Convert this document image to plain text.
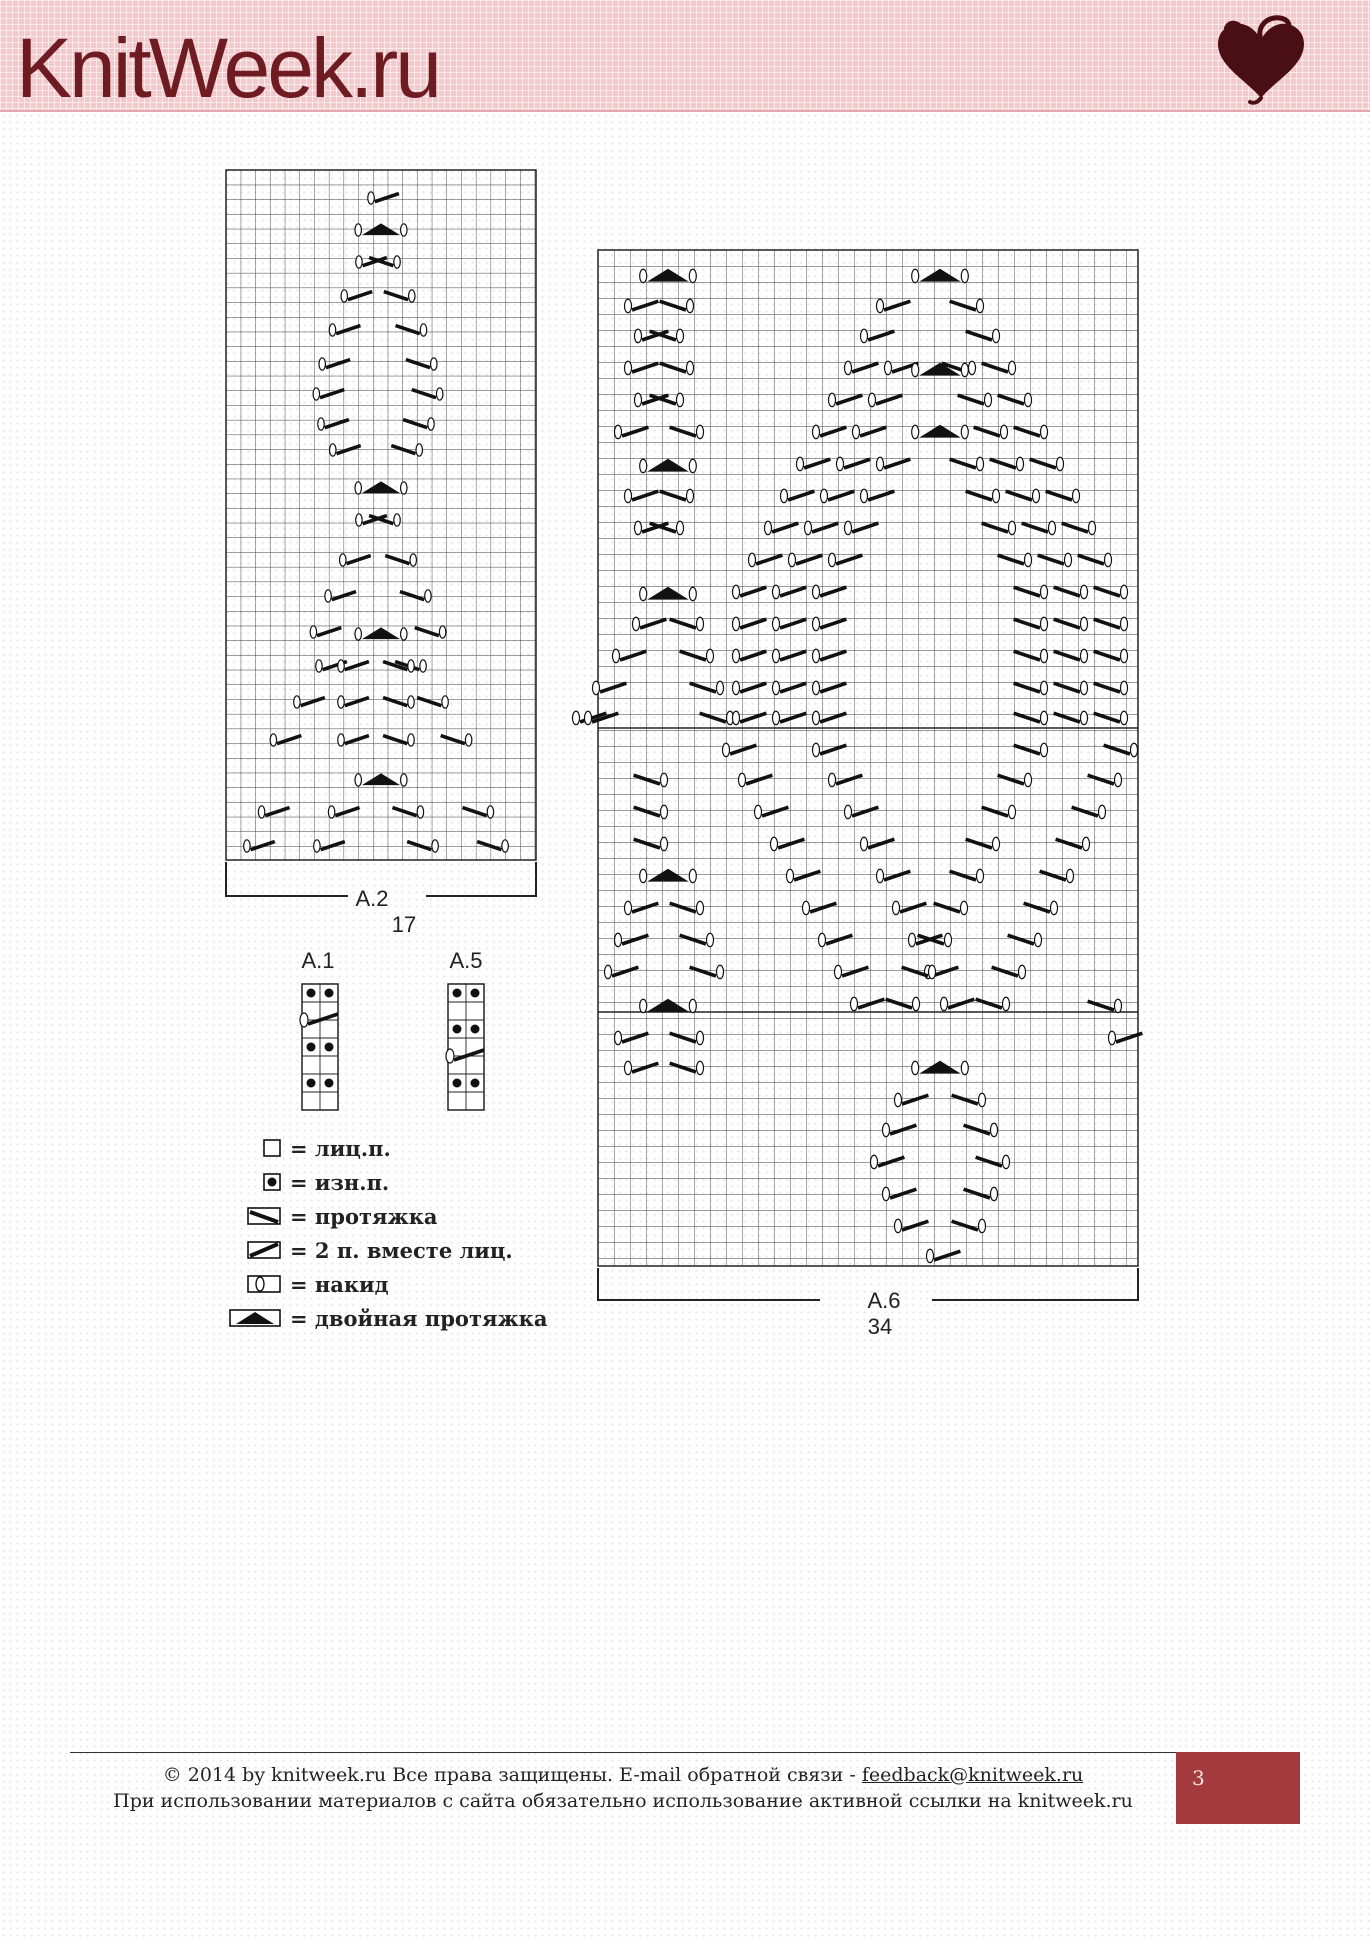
KnitWeek.ru
A.2
17
A.1	A.5
= лиц.п.
= изн.п.
= протяжка
= 2 п. вместе лиц.
= накид
= двойная протяжка
A.6
34
© 2014 by knitweek.ru Все права защищены. E-mail обратной связи - feedback@knitweek.ru
При использовании материалов с сайта обязательно использование активной ссылки на knitweek.ru
3
